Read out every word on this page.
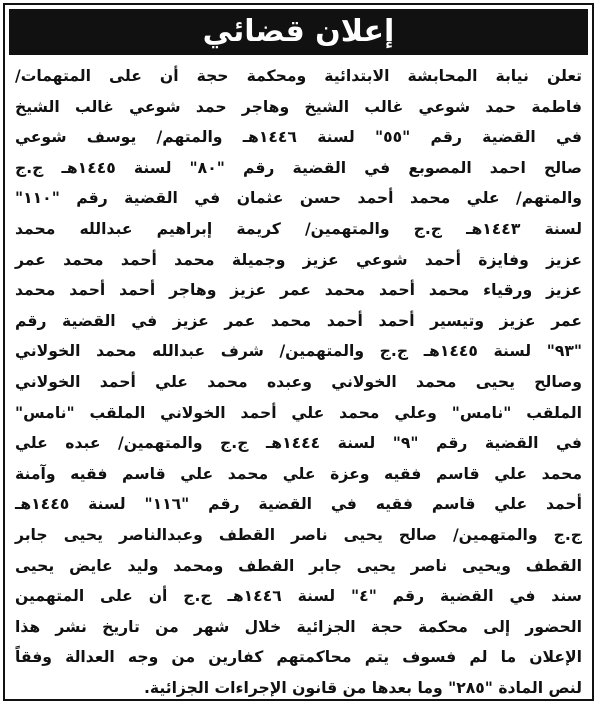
إعلان قضائي
تعلن نيابة المحابشة الابتدائية ومحكمة حجة أن على المتهمات/
فاطمة حمد شوعي غالب الشيخ وهاجر حمد شوعي غالب الشيخ
في القضية رقم "٥٥" لسنة ١٤٤٦هـ والمتهم/ يوسف شوعي
صالح احمد المصوبع في القضية رقم "٨٠" لسنة ١٤٤٥هـ ج.ج
والمتهم/ علي محمد أحمد حسن عثمان في القضية رقم "١١٠"
لسنة ١٤٤٣هـ ج.ج والمتهمين/ كريمة إبراهيم عبدالله محمد
عزيز وفايزة أحمد شوعي عزيز وجميلة محمد أحمد محمد عمر
عزيز ورقياء محمد أحمد محمد عمر عزيز وهاجر أحمد أحمد محمد
عمر عزيز وتيسير أحمد أحمد محمد عمر عزيز في القضية رقم
"٩٣" لسنة ١٤٤٥هـ ج.ج والمتهمين/ شرف عبدالله محمد الخولاني
وصالح يحيى محمد الخولاني وعبده محمد علي أحمد الخولاني
الملقب "نامس" وعلي محمد علي أحمد الخولاني الملقب "نامس"
في القضية رقم "٩" لسنة ١٤٤٤هـ ج.ج والمتهمين/ عبده علي
محمد علي قاسم فقيه وعزة علي محمد علي قاسم فقيه وآمنة
أحمد علي قاسم فقيه في القضية رقم "١١٦" لسنة ١٤٤٥هـ
ج.ج والمتهمين/ صالح يحيى ناصر القطف وعبدالناصر يحيى جابر
القطف ويحيى ناصر يحيى جابر القطف ومحمد وليد عايض يحيى
سند في القضية رقم "٤" لسنة ١٤٤٦هـ ج.ج أن على المتهمين
الحضور إلى محكمة حجة الجزائية خلال شهر من تاريخ نشر هذا
الإعلان ما لم فسوف يتم محاكمتهم كفارين من وجه العدالة وفقاً
لنص المادة "٢٨٥" وما بعدها من قانون الإجراءات الجزائية.
